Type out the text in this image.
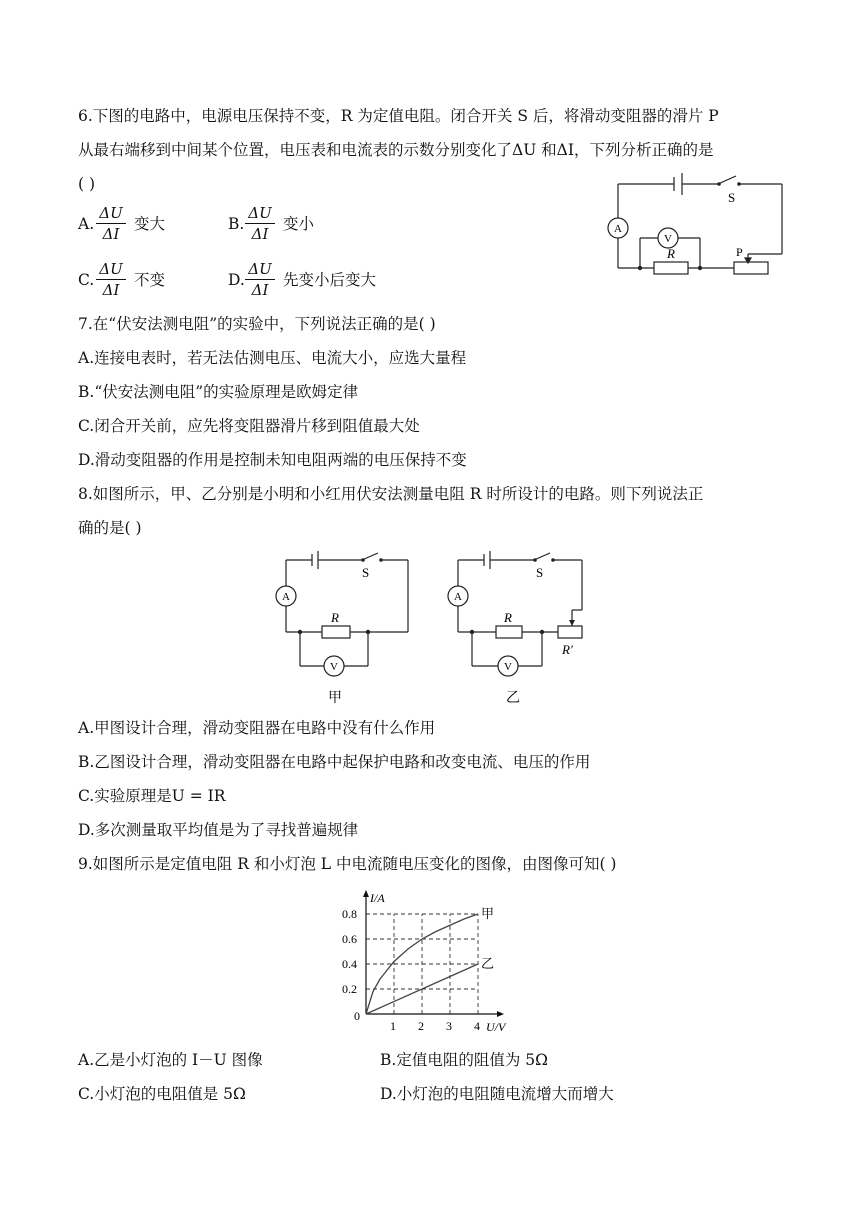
6.下图的电路中，电源电压保持不变，R 为定值电阻。闭合开关 S 后，将滑动变阻器的滑片 P
从最右端移到中间某个位置，电压表和电流表的示数分别变化了ΔU 和ΔI，下列分析正确的是
( )
A. $\frac{\Delta U}{\Delta I}$ 变大	B. $\frac{\Delta U}{\Delta I}$ 变小
C. $\frac{\Delta U}{\Delta I}$ 不变	D. $\frac{\Delta U}{\Delta I}$ 先变小后变大
A
V
S
R	P
7.在“伏安法测电阻”的实验中，下列说法正确的是( )
A.连接电表时，若无法估测电压、电流大小，应选大量程
B.“伏安法测电阻”的实验原理是欧姆定律
C.闭合开关前，应先将变阻器滑片移到阻值最大处
D.滑动变阻器的作用是控制未知电阻两端的电压保持不变
8.如图所示，甲、乙分别是小明和小红用伏安法测量电阻 R 时所设计的电路。则下列说法正
确的是( )
A
V
S
R
甲
A
V
S
R
R′
乙
A.甲图设计合理，滑动变阻器在电路中没有什么作用
B.乙图设计合理，滑动变阻器在电路中起保护电路和改变电流、电压的作用
C.实验原理是U = IR
D.多次测量取平均值是为了寻找普遍规律
9.如图所示是定值电阻 R 和小灯泡 L 中电流随电压变化的图像，由图像可知( )
甲
乙
1 2 3 4
0.2
0.4
0.6
0.8
0
U/V
I/A
A.乙是小灯泡的 I－U 图像	B.定值电阻的阻值为 5Ω
C.小灯泡的电阻值是 5Ω	D.小灯泡的电阻随电流增大而增大
